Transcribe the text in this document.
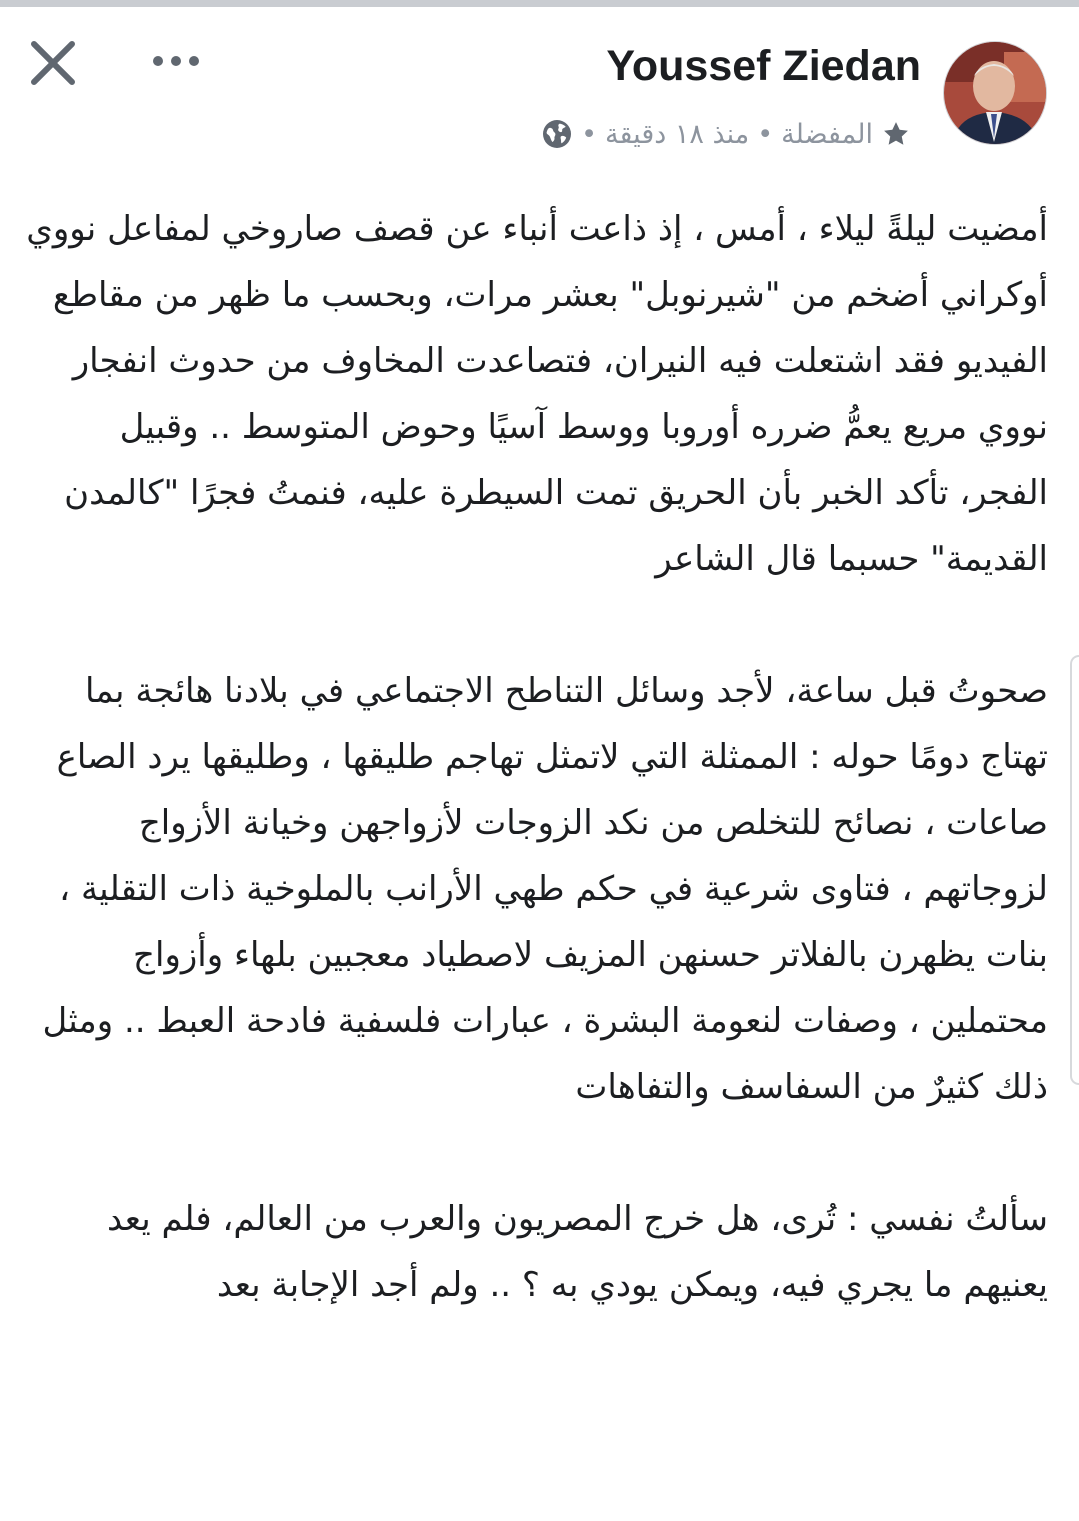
Youssef Ziedan
المفضلة
•
منذ ١٨ دقيقة
•

أمضيت ليلةً ليلاء ، أمس ، إذ ذاعت أنباء عن قصف صاروخي لمفاعل نووي أوكراني أضخم من "شيرنوبل" بعشر مرات، وبحسب ما ظهر من مقاطع الفيديو فقد اشتعلت فيه النيران، فتصاعدت المخاوف من حدوث انفجار نووي مريع يعمُّ ضرره أوروبا ووسط آسيًا وحوض المتوسط .. وقبيل الفجر، تأكد الخبر بأن الحريق تمت السيطرة عليه، فنمتُ فجرًا "كالمدن القديمة" حسبما قال الشاعر

صحوتُ قبل ساعة، لأجد وسائل التناطح الاجتماعي في بلادنا هائجة بما تهتاج دومًا حوله : الممثلة التي لاتمثل تهاجم طليقها ، وطليقها يرد الصاع صاعات ، نصائح للتخلص من نكد الزوجات لأزواجهن وخيانة الأزواج لزوجاتهم ، فتاوى شرعية في حكم طهي الأرانب بالملوخية ذات التقلية ، بنات يظهرن بالفلاتر حسنهن المزيف لاصطياد معجبين بلهاء وأزواج محتملين ، وصفات لنعومة البشرة ، عبارات فلسفية فادحة العبط .. ومثل ذلك كثيرٌ من السفاسف والتفاهات

سألتُ نفسي : تُرى، هل خرج المصريون والعرب من العالم، فلم يعد يعنيهم ما يجري فيه، ويمكن يودي به ؟ .. ولم أجد الإجابة بعد
